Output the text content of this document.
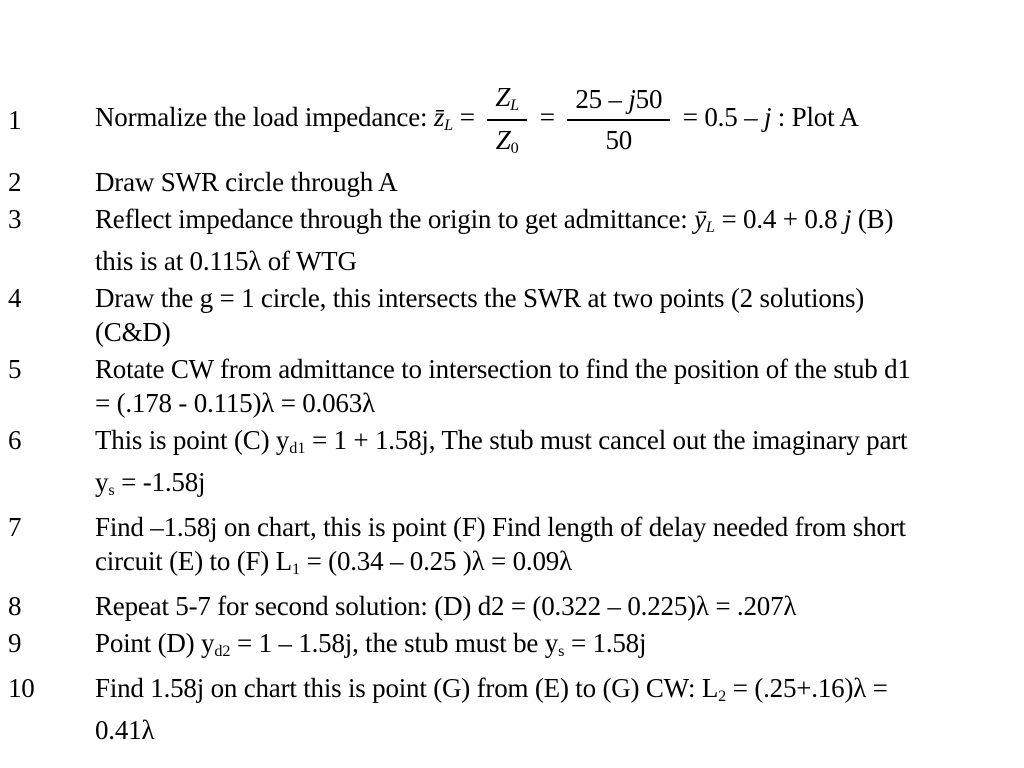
1	Normalize the load impedance: z̄L = $\frac{ZL}{Z0} = \frac{25 - j50}{50} = 0.5 - j$ : Plot A
2	Draw SWR circle through A
3	Reflect impedance through the origin to get admittance: ȳL = 0.4 + 0.8 j (B)
this is at 0.115λ of WTG
4	Draw the g = 1 circle, this intersects the SWR at two points (2 solutions)
(C&D)
5	Rotate CW from admittance to intersection to find the position of the stub d1
= (.178 - 0.115)λ = 0.063λ
6	This is point (C) yd1 = 1 + 1.58j, The stub must cancel out the imaginary part
ys = -1.58j
7	Find –1.58j on chart, this is point (F) Find length of delay needed from short
circuit (E) to (F) L1 = (0.34 – 0.25 )λ = 0.09λ
8	Repeat 5-7 for second solution: (D) d2 = (0.322 – 0.225)λ = .207λ
9	Point (D) yd2 = 1 – 1.58j, the stub must be ys = 1.58j
10	Find 1.58j on chart this is point (G) from (E) to (G) CW: L2 = (.25+.16)λ =
0.41λ
